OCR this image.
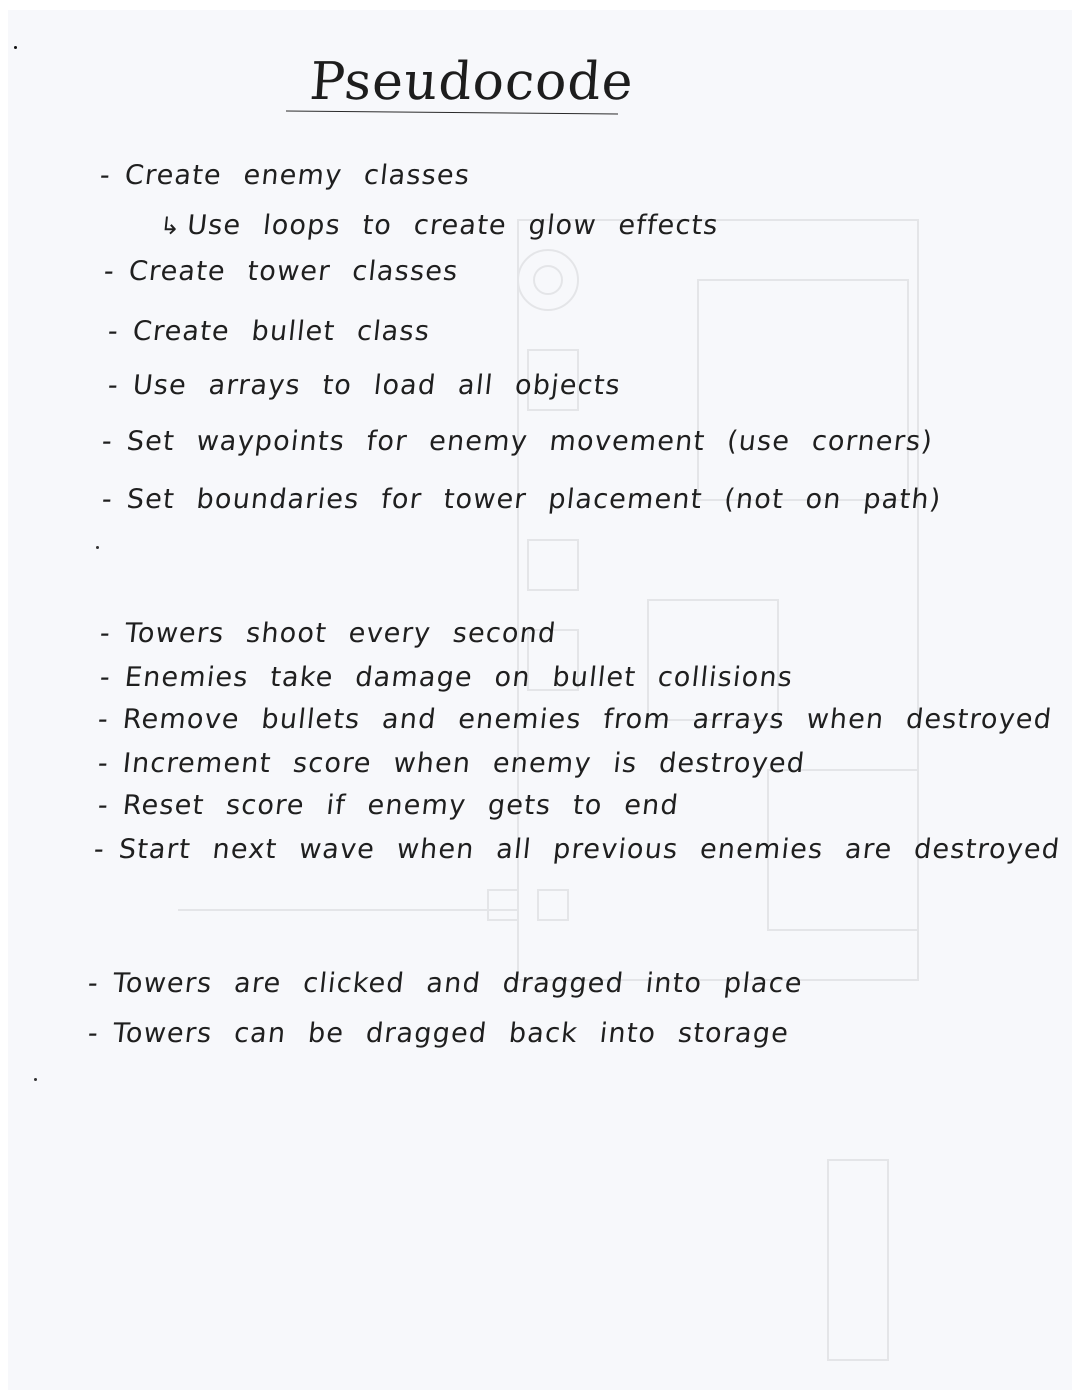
Pseudocode
- Create enemy classes
↳ Use loops to create glow effects
- Create tower classes
- Create bullet class
- Use arrays to load all objects
- Set waypoints for enemy movement (use corners)
- Set boundaries for tower placement (not on path)
- Towers shoot every second
- Enemies take damage on bullet collisions
- Remove bullets and enemies from arrays when destroyed
- Increment score when enemy is destroyed
- Reset score if enemy gets to end
- Start next wave when all previous enemies are destroyed
- Towers are clicked and dragged into place
- Towers can be dragged back into storage
